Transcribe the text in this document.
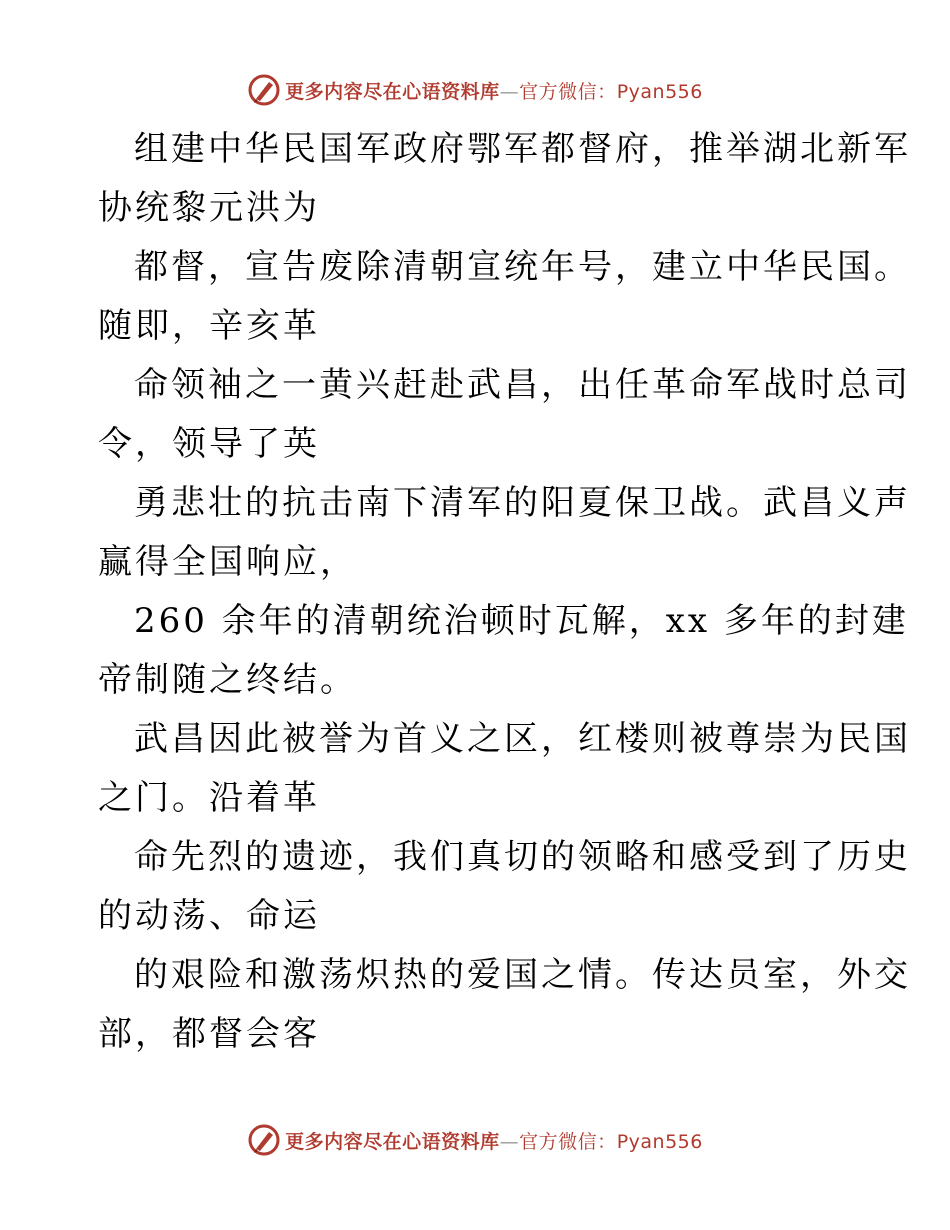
更多内容尽在心语资料库—官方微信：Pyan556
组建中华民国军政府鄂军都督府，推举湖北新军
协统黎元洪为
都督，宣告废除清朝宣统年号，建立中华民国。
随即，辛亥革
命领袖之一黄兴赶赴武昌，出任革命军战时总司
令，领导了英
勇悲壮的抗击南下清军的阳夏保卫战。武昌义声
赢得全国响应，
260 余年的清朝统治顿时瓦解，xx 多年的封建
帝制随之终结。
武昌因此被誉为首义之区，红楼则被尊崇为民国
之门。沿着革
命先烈的遗迹，我们真切的领略和感受到了历史
的动荡、命运
的艰险和激荡炽热的爱国之情。传达员室，外交
部，都督会客
更多内容尽在心语资料库—官方微信：Pyan556
